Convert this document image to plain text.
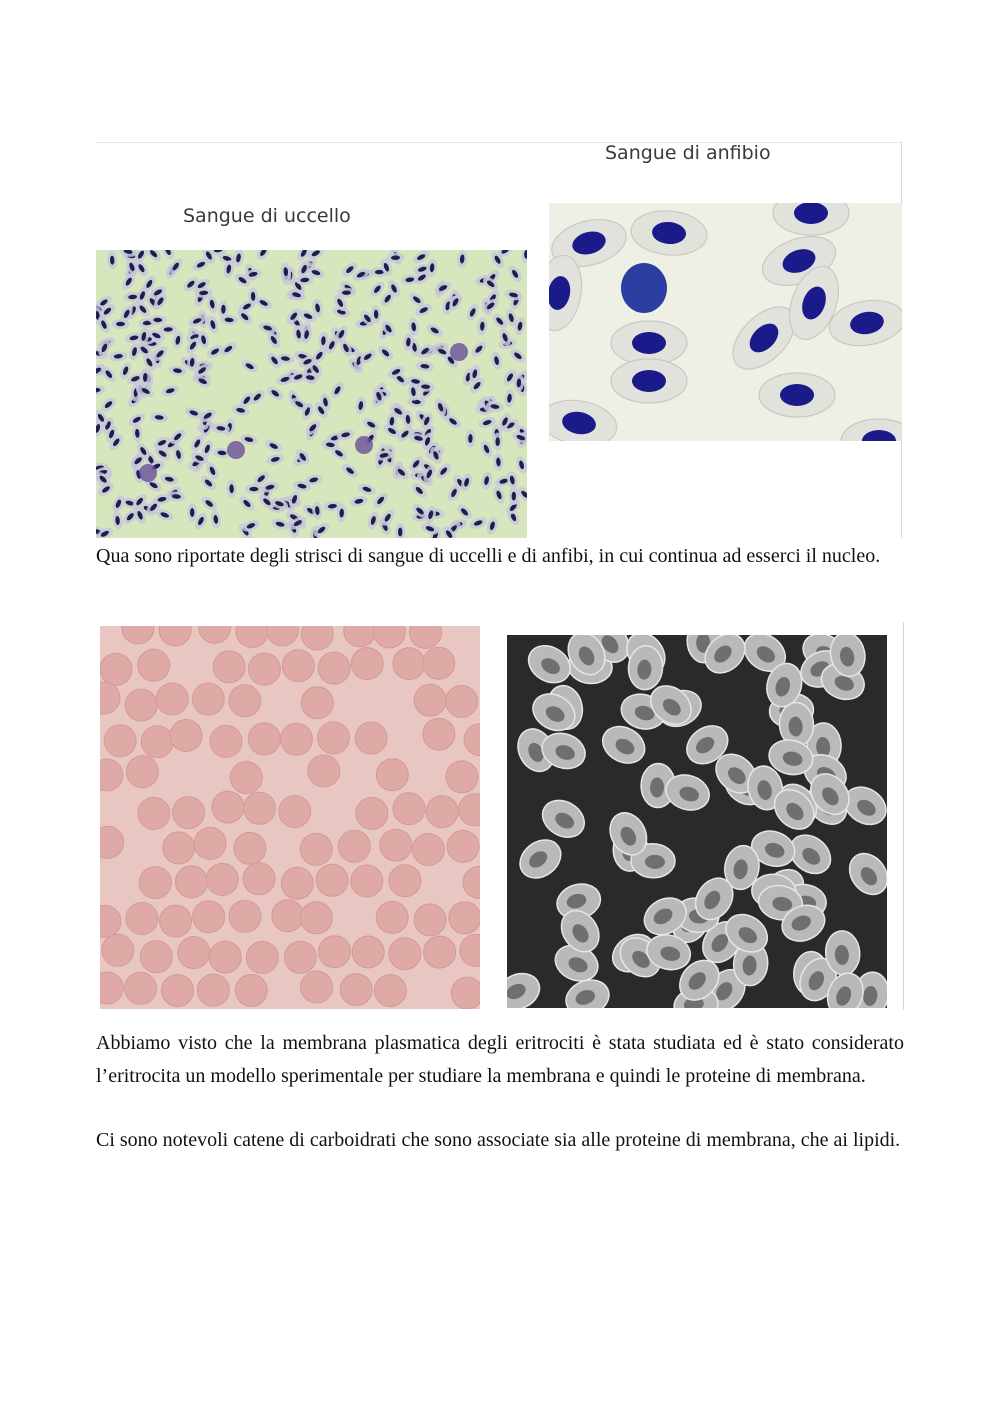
Sangue di uccello
Sangue di anfibio

Qua sono riportate degli strisci di sangue di uccelli e di anfibi, in cui continua ad esserci il nucleo.

Abbiamo visto che la membrana plasmatica degli eritrociti è stata studiata ed è stato considerato l’eritrocita un modello sperimentale per studiare la membrana e quindi le proteine di membrana.

Ci sono notevoli catene di carboidrati che sono associate sia alle proteine di membrana, che ai lipidi.
